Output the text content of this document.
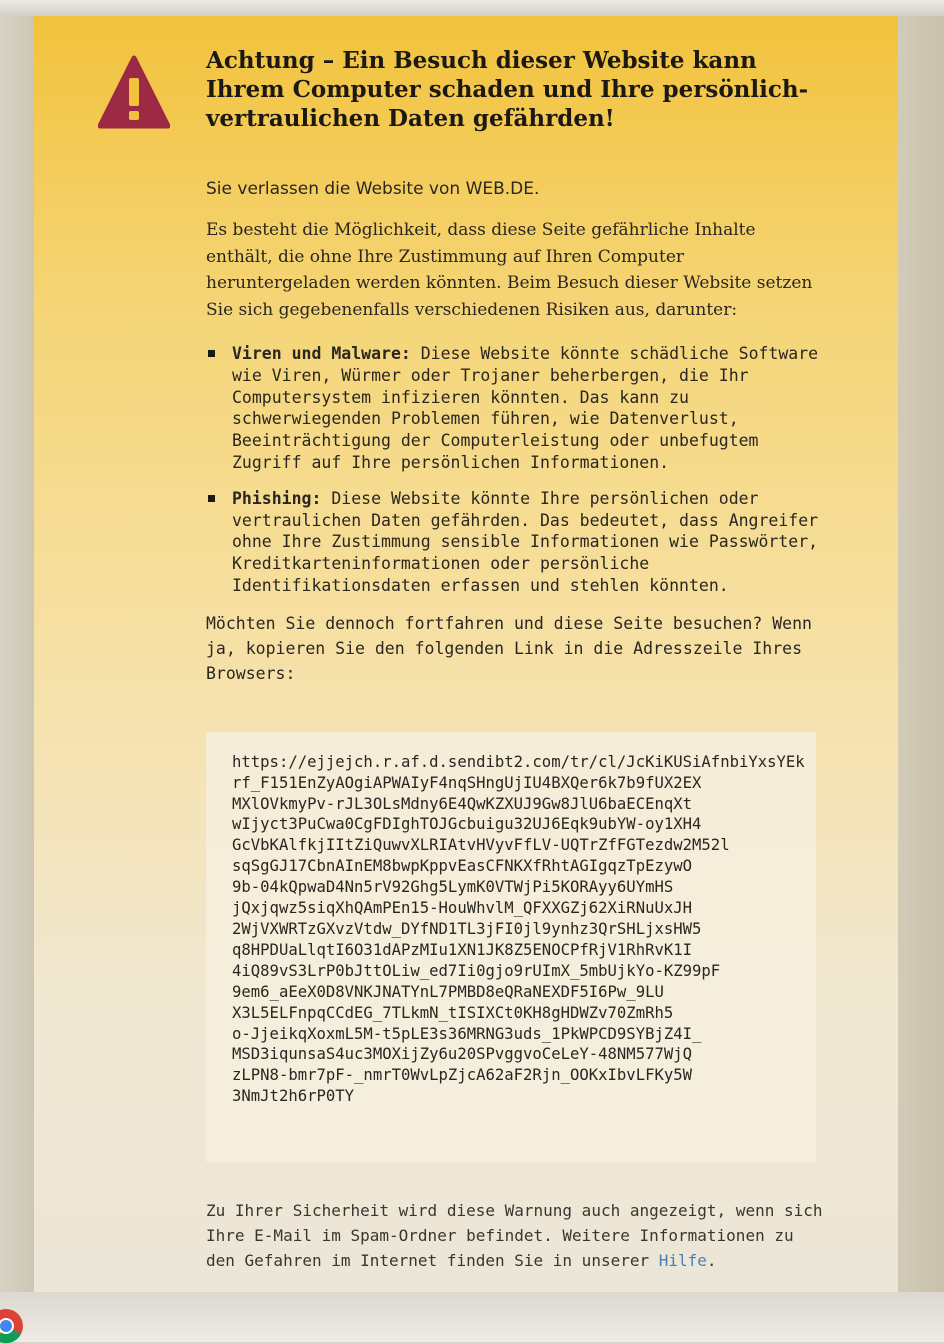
Achtung – Ein Besuch dieser Website kann Ihrem Computer schaden und Ihre persönlich-vertraulichen Daten gefährden!

Sie verlassen die Website von WEB.DE.

Es besteht die Möglichkeit, dass diese Seite gefährliche Inhalte enthält, die ohne Ihre Zustimmung auf Ihren Computer heruntergeladen werden könnten. Beim Besuch dieser Website setzen Sie sich gegebenenfalls verschiedenen Risiken aus, darunter:

Viren und Malware: Diese Website könnte schädliche Software wie Viren, Würmer oder Trojaner beherbergen, die Ihr Computersystem infizieren könnten. Das kann zu schwerwiegenden Problemen führen, wie Datenverlust, Beeinträchtigung der Computerleistung oder unbefugtem Zugriff auf Ihre persönlichen Informationen.
Phishing: Diese Website könnte Ihre persönlichen oder vertraulichen Daten gefährden. Das bedeutet, dass Angreifer ohne Ihre Zustimmung sensible Informationen wie Passwörter, Kreditkarteninformationen oder persönliche Identifikationsdaten erfassen und stehlen könnten.

Möchten Sie dennoch fortfahren und diese Seite besuchen? Wenn ja, kopieren Sie den folgenden Link in die Adresszeile Ihres Browsers:

https://ejjejch.r.af.d.sendibt2.com/tr/cl/JcKiKUSiAfnbiYxsYEk
rf_F151EnZyAOgiAPWAIyF4nqSHngUjIU4BXQer6k7b9fUX2EX
MXlOVkmyPv-rJL3OLsMdny6E4QwKZXUJ9Gw8JlU6baECEnqXt
wIjyct3PuCwa0CgFDIghTOJGcbuigu32UJ6Eqk9ubYW-oy1XH4
GcVbKAlfkjIItZiQuwvXLRIAtvHVyvFfLV-UQTrZfFGTezdw2M52l
sqSgGJ17CbnAInEM8bwpKppvEasCFNKXfRhtAGIgqzTpEzywO
9b-04kQpwaD4Nn5rV92Ghg5LymK0VTWjPi5KORAyy6UYmHS
jQxjqwz5siqXhQAmPEn15-HouWhvlM_QFXXGZj62XiRNuUxJH
2WjVXWRTzGXvzVtdw_DYfND1TL3jFI0jl9ynhz3QrSHLjxsHW5
q8HPDUaLlqtI6O31dAPzMIu1XN1JK8Z5ENOCPfRjV1RhRvK1I
4iQ89vS3LrP0bJttOLiw_ed7Ii0gjo9rUImX_5mbUjkYo-KZ99pF
9em6_aEeX0D8VNKJNATYnL7PMBD8eQRaNEXDF5I6Pw_9LU
X3L5ELFnpqCCdEG_7TLkmN_tISIXCt0KH8gHDWZv70ZmRh5
o-JjeikqXoxmL5M-t5pLE3s36MRNG3uds_1PkWPCD9SYBjZ4I_
MSD3iqunsaS4uc3MOXijZy6u20SPvggvoCeLeY-48NM577WjQ
zLPN8-bmr7pF-_nmrT0WvLpZjcA62aF2Rjn_OOKxIbvLFKy5W
3NmJt2h6rP0TY

Zu Ihrer Sicherheit wird diese Warnung auch angezeigt, wenn sich Ihre E-Mail im Spam-Ordner befindet. Weitere Informationen zu den Gefahren im Internet finden Sie in unserer Hilfe.
